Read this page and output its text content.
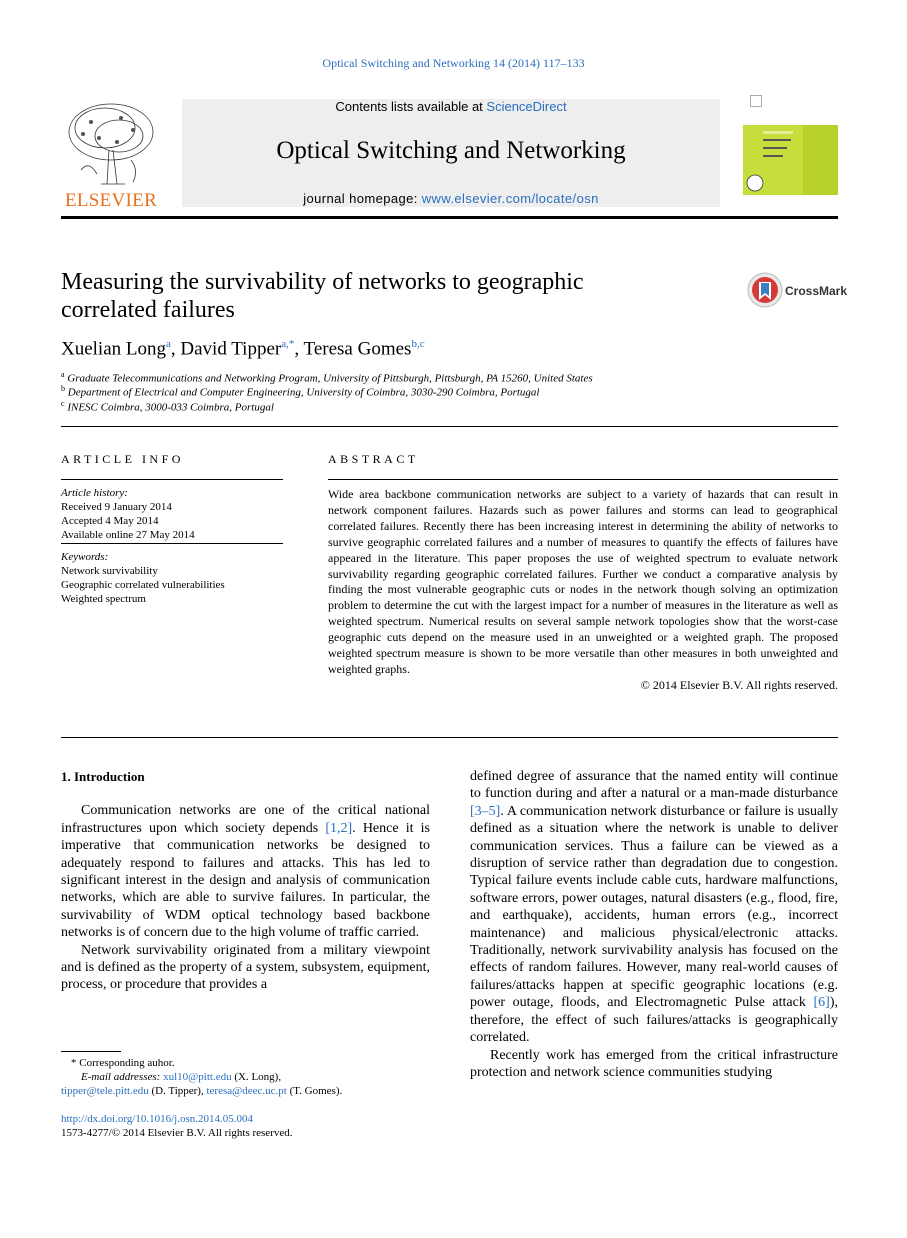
Optical Switching and Networking 14 (2014) 117–133
ELSEVIER
Contents lists available at ScienceDirect
Optical Switching and Networking
journal homepage: www.elsevier.com/locate/osn
Measuring the survivability of networks to geographic
correlated failures
CrossMark
Xuelian Long$^a$, David Tipper$^{a,*}$, Teresa Gomes$^{b,c}$
$^a$ Graduate Telecommunications and Networking Program, University of Pittsburgh, Pittsburgh, PA 15260, United States
$^b$ Department of Electrical and Computer Engineering, University of Coimbra, 3030-290 Coimbra, Portugal
$^c$ INESC Coimbra, 3000-033 Coimbra, Portugal
ARTICLE INFO
Article history:
Received 9 January 2014
Accepted 4 May 2014
Available online 27 May 2014
Keywords:
Network survivability
Geographic correlated vulnerabilities
Weighted spectrum
ABSTRACT
Wide area backbone communication networks are subject to a variety of hazards that can result in network component failures. Hazards such as power failures and storms can lead to geographical correlated failures. Recently there has been increasing interest in determining the ability of networks to survive geographic correlated failures and a number of measures to quantify the effects of failures have appeared in the literature. This paper proposes the use of weighted spectrum to evaluate network survivability regarding geographic correlated failures. Further we conduct a comparative analysis by finding the most vulnerable geographic cuts or nodes in the network though solving an optimization problem to determine the cut with the largest impact for a number of measures in the literature as well as weighted spectrum. Numerical results on several sample network topologies show that the worst-case geographic cuts depend on the measure used in an unweighted or a weighted graph. The proposed weighted spectrum measure is shown to be more versatile than other measures in both unweighted and weighted graphs.
© 2014 Elsevier B.V. All rights reserved.
1. Introduction

Communication networks are one of the critical national infrastructures upon which society depends [1,2]. Hence it is imperative that communication networks be designed to adequately respond to failures and attacks. This has led to significant interest in the design and analysis of communication networks, which are able to survive failures. In particular, the survivability of WDM optical technology based backbone networks is of concern due to the high volume of traffic carried.

Network survivability originated from a military viewpoint and is defined as the property of a system, subsystem, equipment, process, or procedure that provides a

defined degree of assurance that the named entity will continue to function during and after a natural or a man-made disturbance [3–5]. A communication network disturbance or failure is usually defined as a situation where the network is unable to deliver communication services. Thus a failure can be viewed as a disruption of service rather than degradation due to congestion. Typical failure events include cable cuts, hardware malfunctions, software errors, power outages, natural disasters (e.g., flood, fire, and earthquake), accidents, human errors (e.g., incorrect maintenance) and malicious physical/electronic attacks. Traditionally, network survivability analysis has focused on the effects of random failures. However, many real-world causes of failures/attacks happen at specific geographic locations (e.g. power outage, floods, and Electromagnetic Pulse attack [6]), therefore, the effect of such failures/attacks is geographically correlated.

Recently work has emerged from the critical infrastructure protection and network science communities studying

* Corresponding auhor.
E-mail addresses: xul10@pitt.edu (X. Long),
tipper@tele.pitt.edu (D. Tipper), teresa@deec.uc.pt (T. Gomes).
http://dx.doi.org/10.1016/j.osn.2014.05.004
1573-4277/© 2014 Elsevier B.V. All rights reserved.
